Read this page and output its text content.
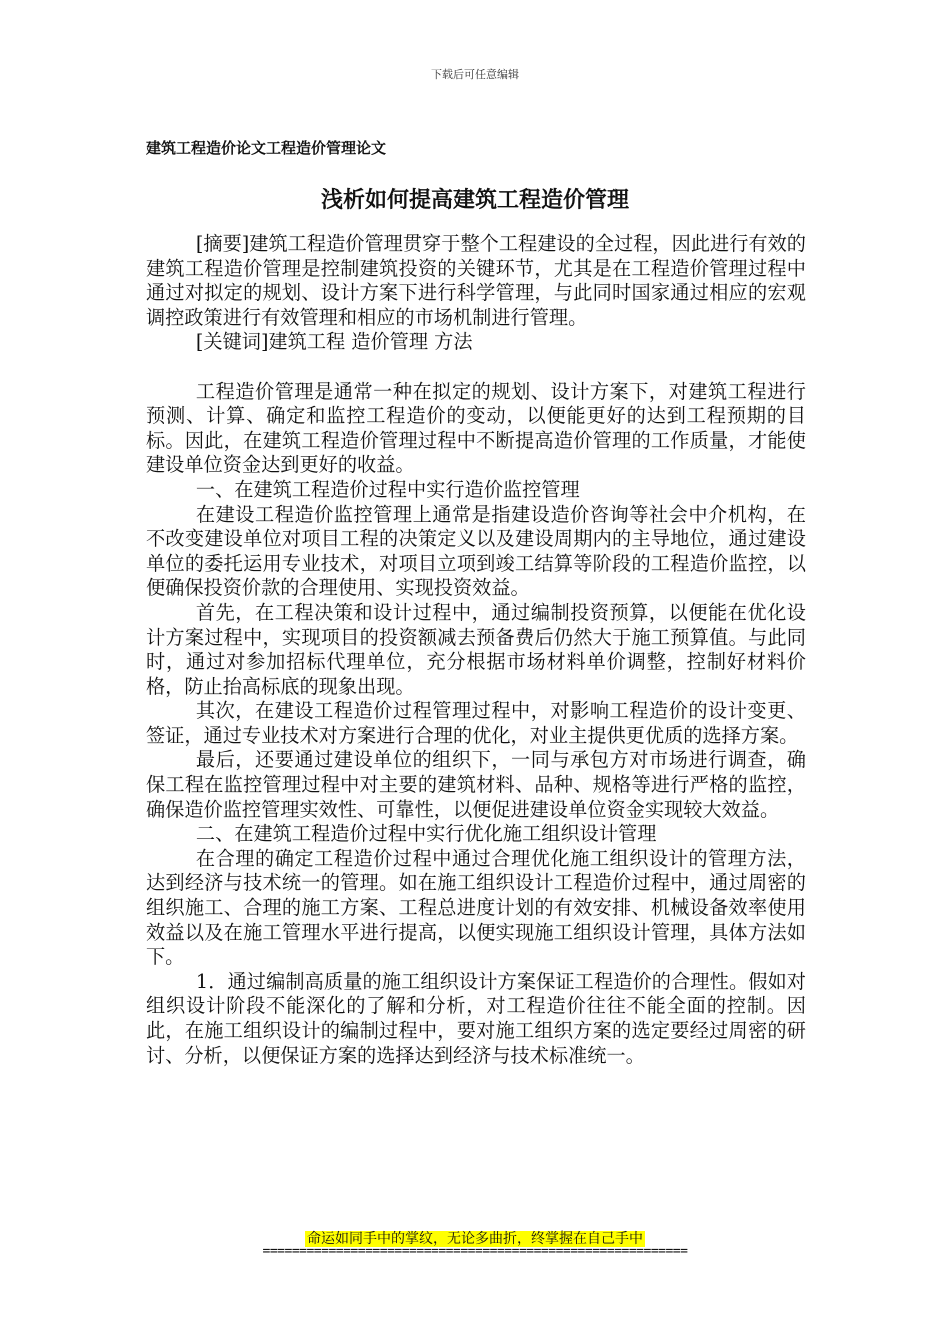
下载后可任意编辑
建筑工程造价论文工程造价管理论文
浅析如何提高建筑工程造价管理

[摘要]建筑工程造价管理贯穿于整个工程建设的全过程，因此进行有效的建筑工程造价管理是控制建筑投资的关键环节，尤其是在工程造价管理过程中通过对拟定的规划、设计方案下进行科学管理，与此同时国家通过相应的宏观调控政策进行有效管理和相应的市场机制进行管理。

[关键词]建筑工程 造价管理 方法

工程造价管理是通常一种在拟定的规划、设计方案下，对建筑工程进行预测、计算、确定和监控工程造价的变动，以便能更好的达到工程预期的目标。因此，在建筑工程造价管理过程中不断提高造价管理的工作质量，才能使建设单位资金达到更好的收益。

一、在建筑工程造价过程中实行造价监控管理

在建设工程造价监控管理上通常是指建设造价咨询等社会中介机构，在不改变建设单位对项目工程的决策定义以及建设周期内的主导地位，通过建设单位的委托运用专业技术，对项目立项到竣工结算等阶段的工程造价监控，以便确保投资价款的合理使用、实现投资效益。

首先，在工程决策和设计过程中，通过编制投资预算，以便能在优化设计方案过程中，实现项目的投资额减去预备费后仍然大于施工预算值。与此同时，通过对参加招标代理单位，充分根据市场材料单价调整，控制好材料价格，防止抬高标底的现象出现。

其次，在建设工程造价过程管理过程中，对影响工程造价的设计变更、签证，通过专业技术对方案进行合理的优化，对业主提供更优质的选择方案。

最后，还要通过建设单位的组织下，一同与承包方对市场进行调查，确保工程在监控管理过程中对主要的建筑材料、品种、规格等进行严格的监控，确保造价监控管理实效性、可靠性，以便促进建设单位资金实现较大效益。

二、在建筑工程造价过程中实行优化施工组织设计管理

在合理的确定工程造价过程中通过合理优化施工组织设计的管理方法，达到经济与技术统一的管理。如在施工组织设计工程造价过程中，通过周密的组织施工、合理的施工方案、工程总进度计划的有效安排、机械设备效率使用效益以及在施工管理水平进行提高，以便实现施工组织设计管理，具体方法如下。

1．通过编制高质量的施工组织设计方案保证工程造价的合理性。假如对组织设计阶段不能深化的了解和分析，对工程造价往往不能全面的控制。因此，在施工组织设计的编制过程中，要对施工组织方案的选定要经过周密的研讨、分析，以便保证方案的选择达到经济与技术标准统一。

命运如同手中的掌纹，无论多曲折，终掌握在自己手中
==========================================================
